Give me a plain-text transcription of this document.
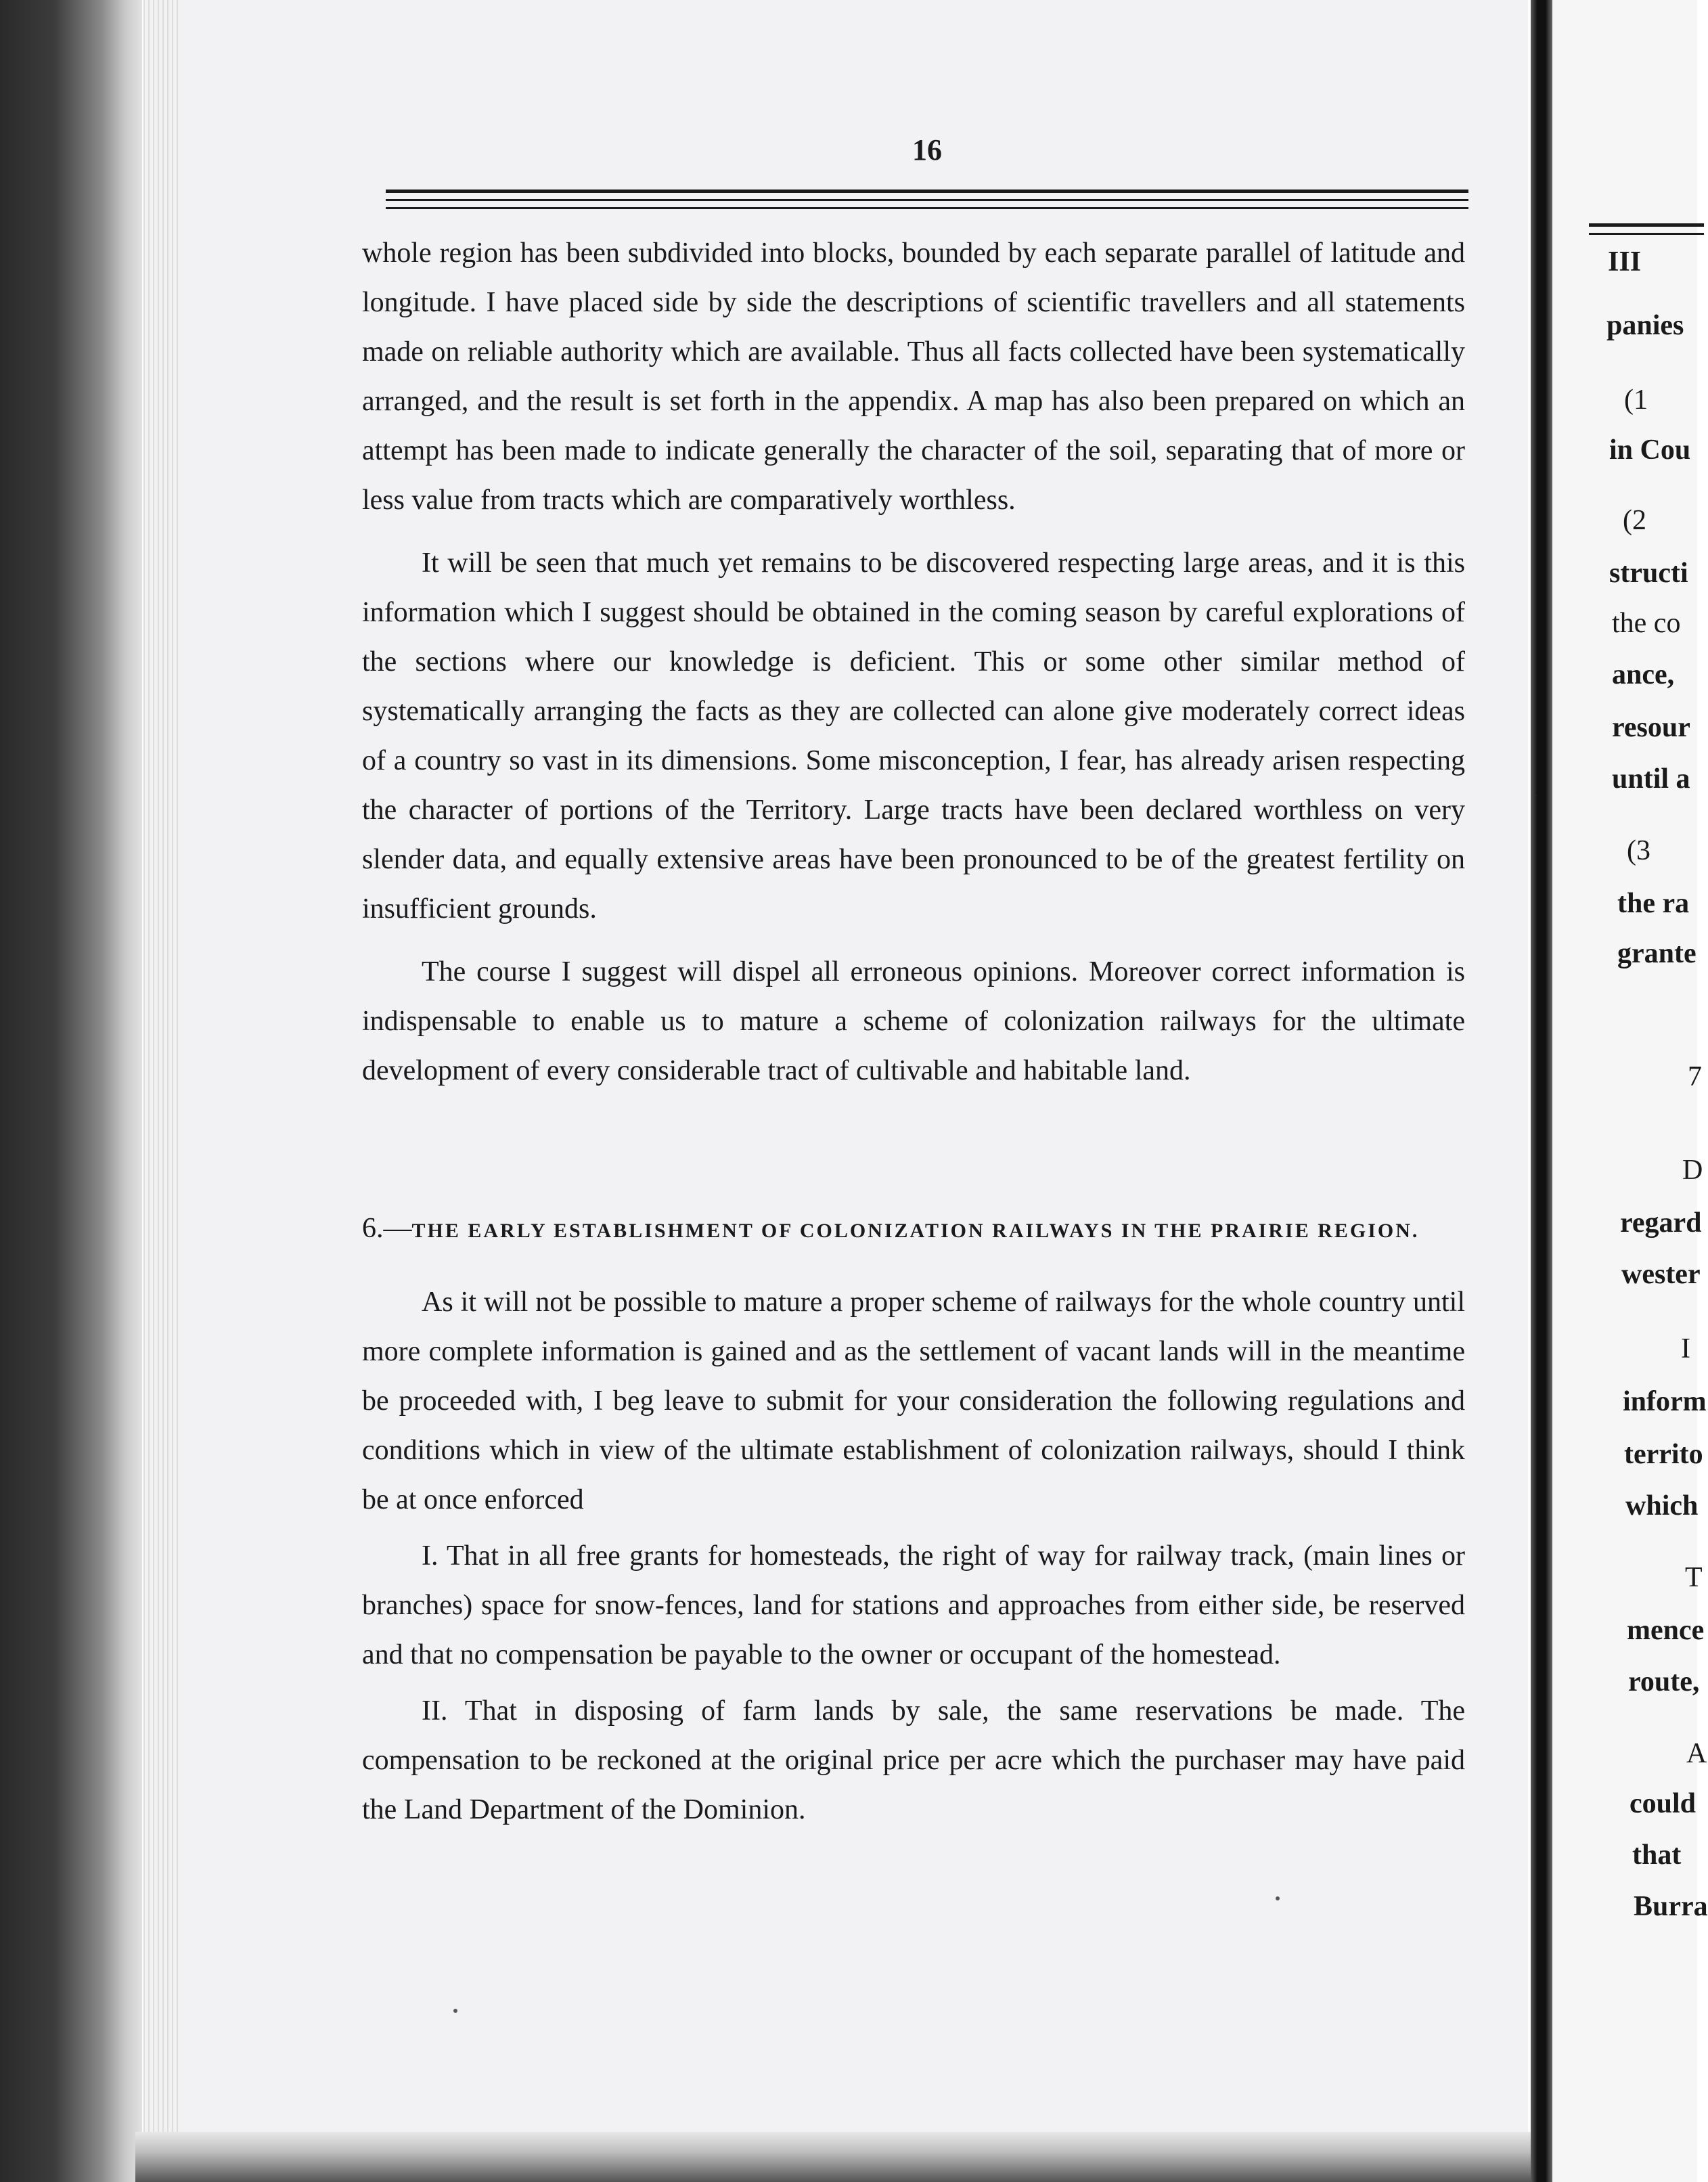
16

whole region has been subdivided into blocks, bounded by each separate parallel of latitude and longitude. I have placed side by side the descriptions of scientific travellers and all statements made on reliable authority which are available. Thus all facts collected have been systematically arranged, and the result is set forth in the appendix. A map has also been prepared on which an attempt has been made to indicate generally the character of the soil, separating that of more or less value from tracts which are comparatively worthless.

It will be seen that much yet remains to be discovered respecting large areas, and it is this information which I suggest should be obtained in the coming season by careful explorations of the sections where our knowledge is deficient. This or some other similar method of systematically arranging the facts as they are collected can alone give moderately correct ideas of a country so vast in its dimensions. Some misconception, I fear, has already arisen respecting the character of portions of the Territory. Large tracts have been declared worthless on very slender data, and equally extensive areas have been pronounced to be of the greatest fertility on insufficient grounds.

The course I suggest will dispel all erroneous opinions. Moreover correct information is indispensable to enable us to mature a scheme of colonization railways for the ultimate development of every considerable tract of cultivable and habitable land.

6.—THE EARLY ESTABLISHMENT OF COLONIZATION RAILWAYS IN THE PRAIRIE REGION.

As it will not be possible to mature a proper scheme of railways for the whole country until more complete information is gained and as the settlement of vacant lands will in the meantime be proceeded with, I beg leave to submit for your consideration the following regulations and conditions which in view of the ultimate establishment of colonization railways, should I think be at once enforced

I. That in all free grants for homesteads, the right of way for railway track, (main lines or branches) space for snow-fences, land for stations and approaches from either side, be reserved and that no compensation be payable to the owner or occupant of the homestead.

II. That in disposing of farm lands by sale, the same reservations be made. The compensation to be reckoned at the original price per acre which the purchaser may have paid the Land Department of the Dominion.

III
panies
(1
in Cou
(2
structi
the co
ance,
resour
until a
(3
the ra
grante
7
D
regard
wester
I
inform
territo
which
T
mence
route,
A
could
that
Burra
